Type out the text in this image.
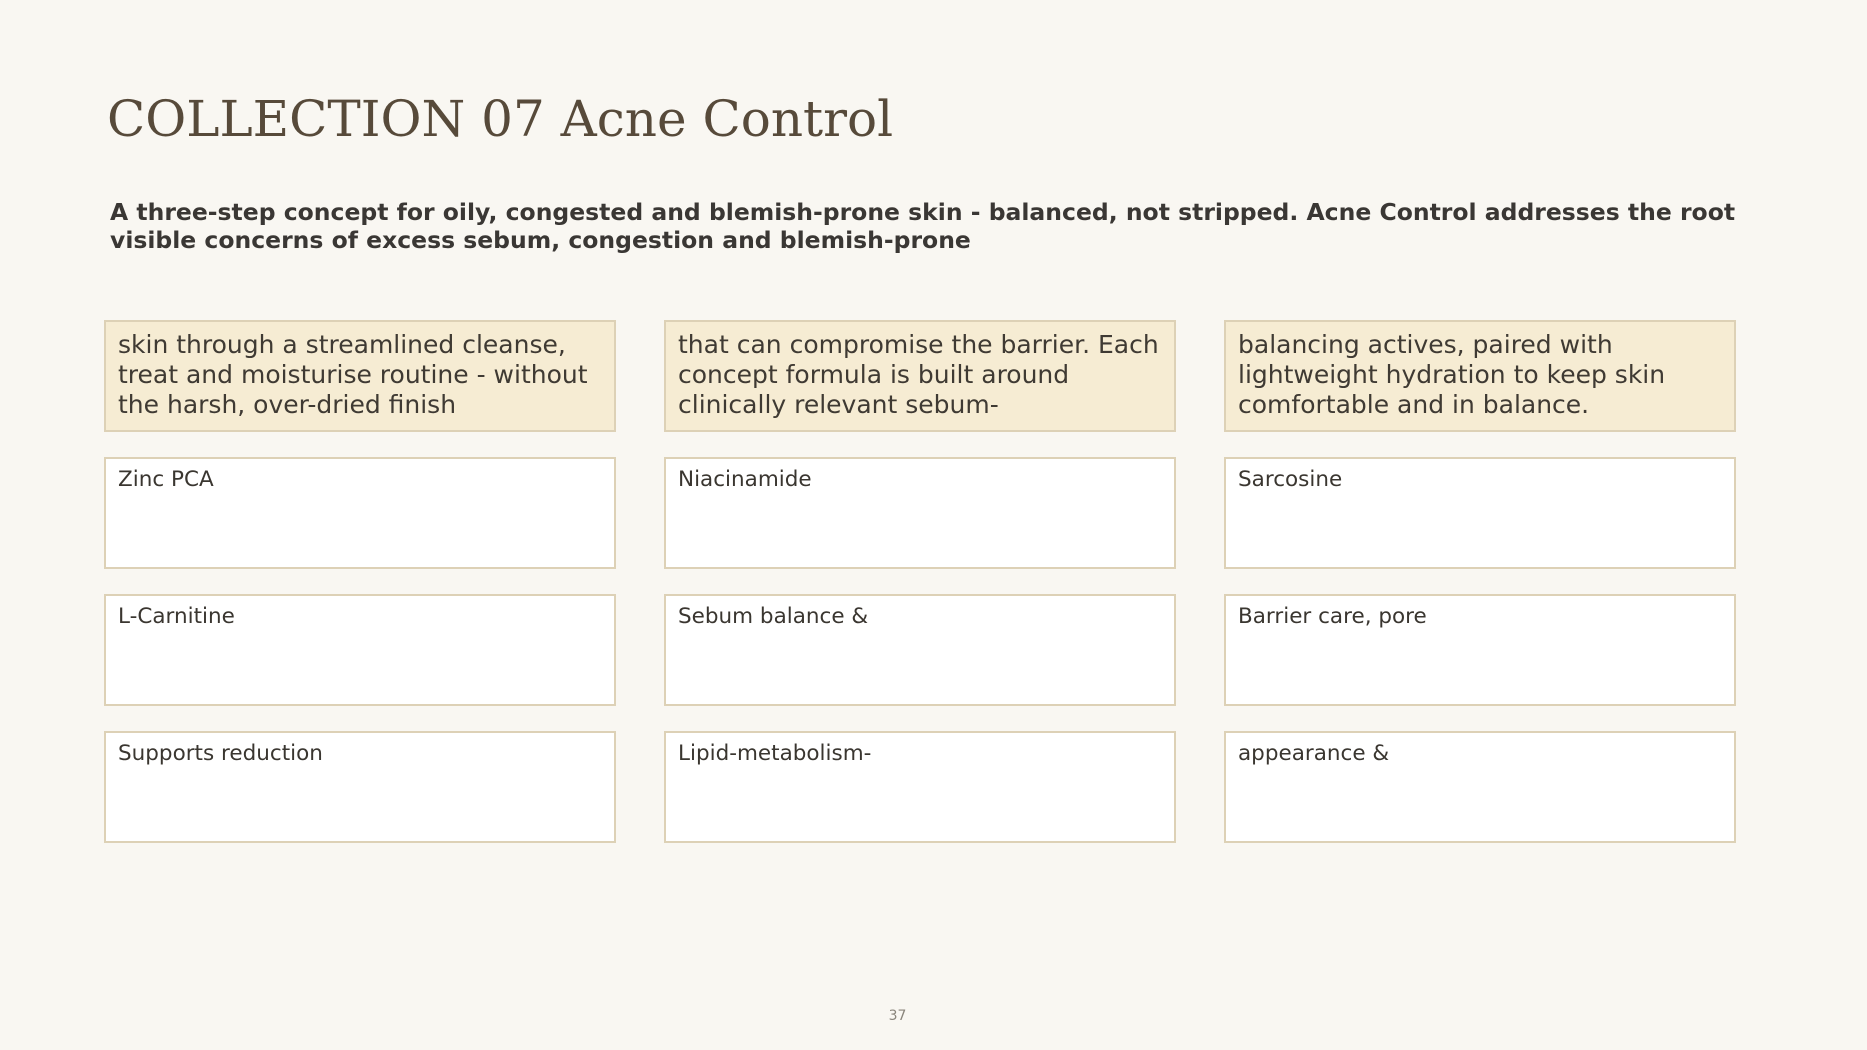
COLLECTION 07 Acne Control

A three-step concept for oily, congested and blemish-prone skin - balanced, not stripped. Acne Control addresses the root visible concerns of excess sebum, congestion and blemish-prone

skin through a streamlined cleanse, treat and moisturise routine - without the harsh, over-dried finish
that can compromise the barrier. Each concept formula is built around clinically relevant sebum-
balancing actives, paired with lightweight hydration to keep skin comfortable and in balance.
Zinc PCA	Niacinamide	Sarcosine
L-Carnitine	Sebum balance &	Barrier care, pore
Supports reduction	Lipid-metabolism-	appearance &
37
